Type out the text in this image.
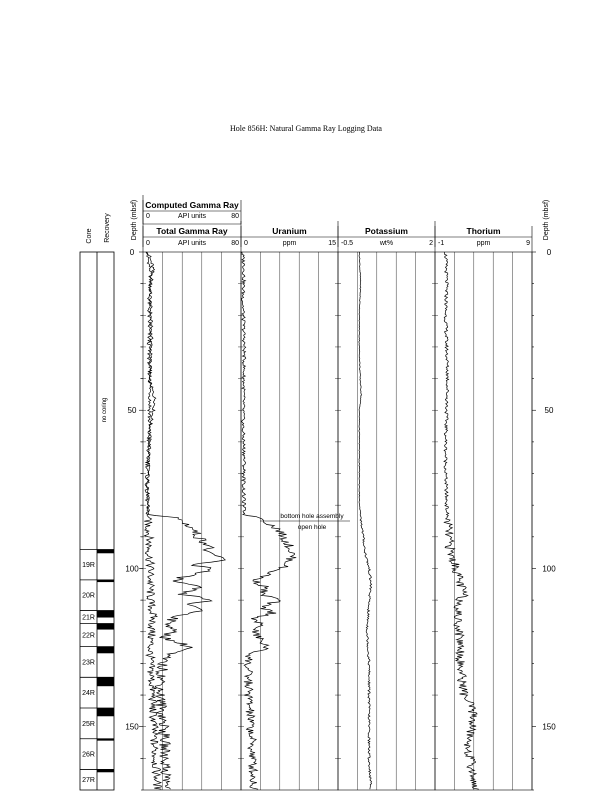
Hole 856H: Natural Gamma Ray Logging Data
Core Recovery
no coring
19R
20R
21R
22R
23R
24R
25R
26R
27R
Depth (mbsf)	Depth (mbsf)
0	0
50	50
100	100
150	150
Computed Gamma Ray
0	80
API units
Total Gamma Ray
0	80
API units
Uranium
0	15
ppm
Potassium
-0.5	2
wt%
Thorium
-1	9
ppm
bottom hole assembly
open hole
